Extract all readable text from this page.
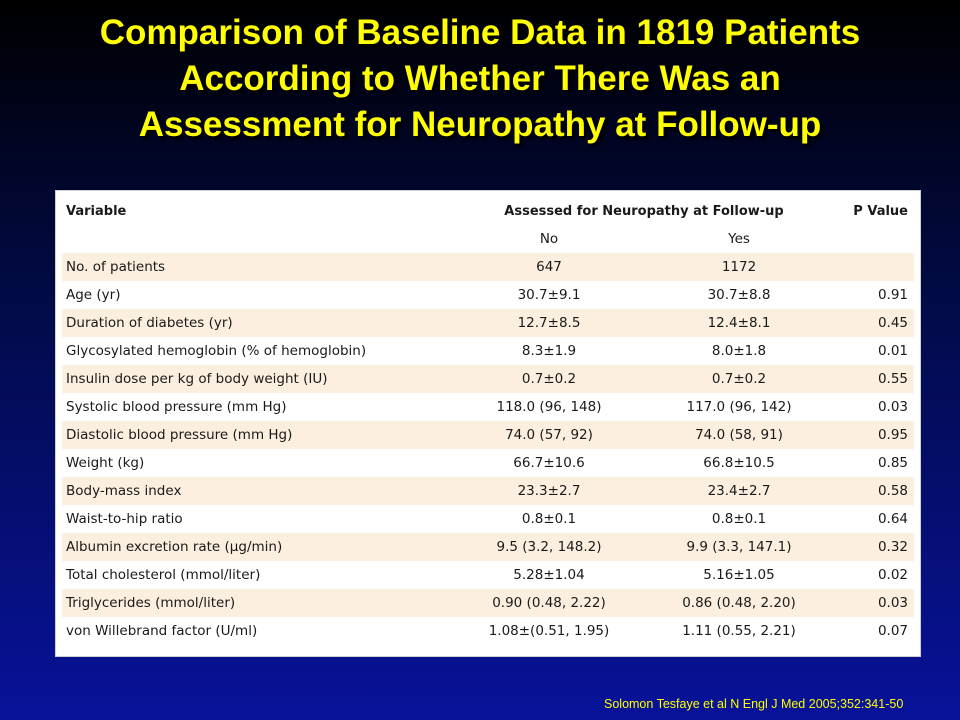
Comparison of Baseline Data in 1819 Patients
According to Whether There Was an
Assessment for Neuropathy at Follow-up
Variable	Assessed for Neuropathy at Follow-up		P Value
	No	Yes	
No. of patients	647	1172	
Age (yr)	30.7±9.1	30.7±8.8	0.91
Duration of diabetes (yr)	12.7±8.5	12.4±8.1	0.45
Glycosylated hemoglobin (% of hemoglobin)	8.3±1.9	8.0±1.8	0.01
Insulin dose per kg of body weight (IU)	0.7±0.2	0.7±0.2	0.55
Systolic blood pressure (mm Hg)	118.0 (96, 148)	117.0 (96, 142)	0.03
Diastolic blood pressure (mm Hg)	74.0 (57, 92)	74.0 (58, 91)	0.95
Weight (kg)	66.7±10.6	66.8±10.5	0.85
Body-mass index	23.3±2.7	23.4±2.7	0.58
Waist-to-hip ratio	0.8±0.1	0.8±0.1	0.64
Albumin excretion rate (μg/min)	9.5 (3.2, 148.2)	9.9 (3.3, 147.1)	0.32
Total cholesterol (mmol/liter)	5.28±1.04	5.16±1.05	0.02
Triglycerides (mmol/liter)	0.90 (0.48, 2.22)	0.86 (0.48, 2.20)	0.03
von Willebrand factor (U/ml)	1.08±(0.51, 1.95)	1.11 (0.55, 2.21)	0.07
Solomon Tesfaye et al N Engl J Med 2005;352:341-50
